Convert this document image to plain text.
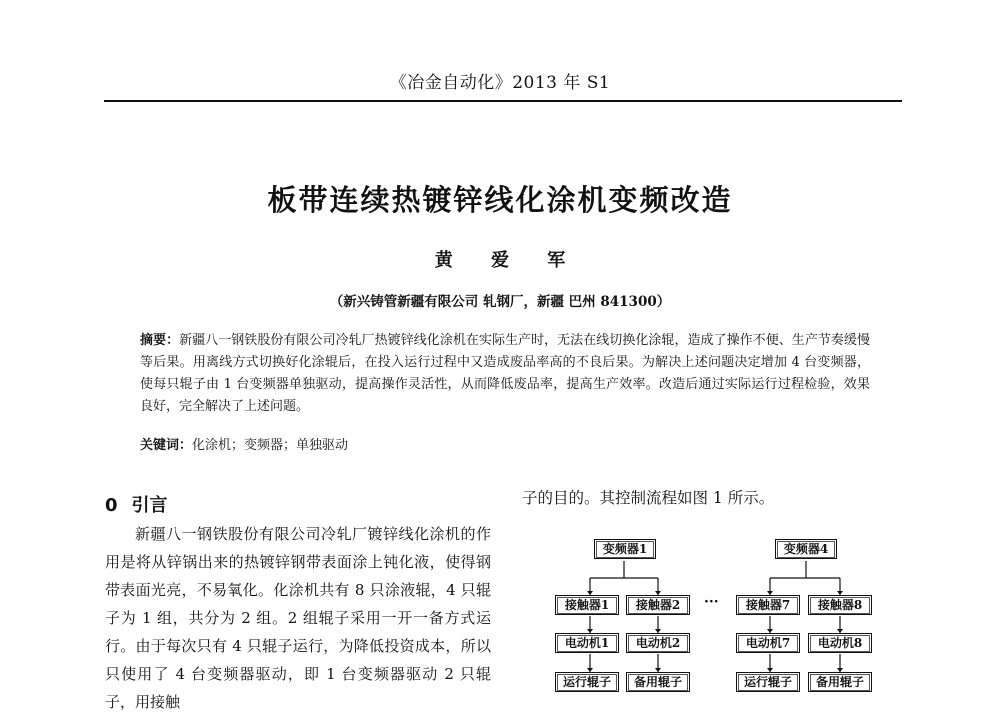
《冶金自动化》2013 年 S1
板带连续热镀锌线化涂机变频改造
黄 爱 军
（新兴铸管新疆有限公司 轧钢厂，新疆 巴州 841300）
摘要：新疆八一钢铁股份有限公司冷轧厂热镀锌线化涂机在实际生产时，无法在线切换化涂辊，造成了操作不便、生产节奏缓慢等后果。用离线方式切换好化涂辊后，在投入运行过程中又造成废品率高的不良后果。为解决上述问题决定增加 4 台变频器，使每只辊子由 1 台变频器单独驱动，提高操作灵活性，从而降低废品率，提高生产效率。改造后通过实际运行过程检验，效果良好，完全解决了上述问题。
关键词：化涂机；变频器；单独驱动
0 引言

新疆八一钢铁股份有限公司冷轧厂镀锌线化涂机的作用是将从锌锅出来的热镀锌钢带表面涂上钝化液，使得钢带表面光亮，不易氧化。化涂机共有 8 只涂液辊，4 只辊子为 1 组，共分为 2 组。2 组辊子采用一开一备方式运行。由于每次只有 4 只辊子运行，为降低投资成本，所以只使用了 4 台变频器驱动，即 1 台变频器驱动 2 只辊子，用接触

子的目的。其控制流程如图 1 所示。
变频器1	变频器4
接触器1	接触器2	···	接触器7	接触器8
电动机1	电动机2	电动机7	电动机8
运行辊子	备用辊子	运行辊子	备用辊子
